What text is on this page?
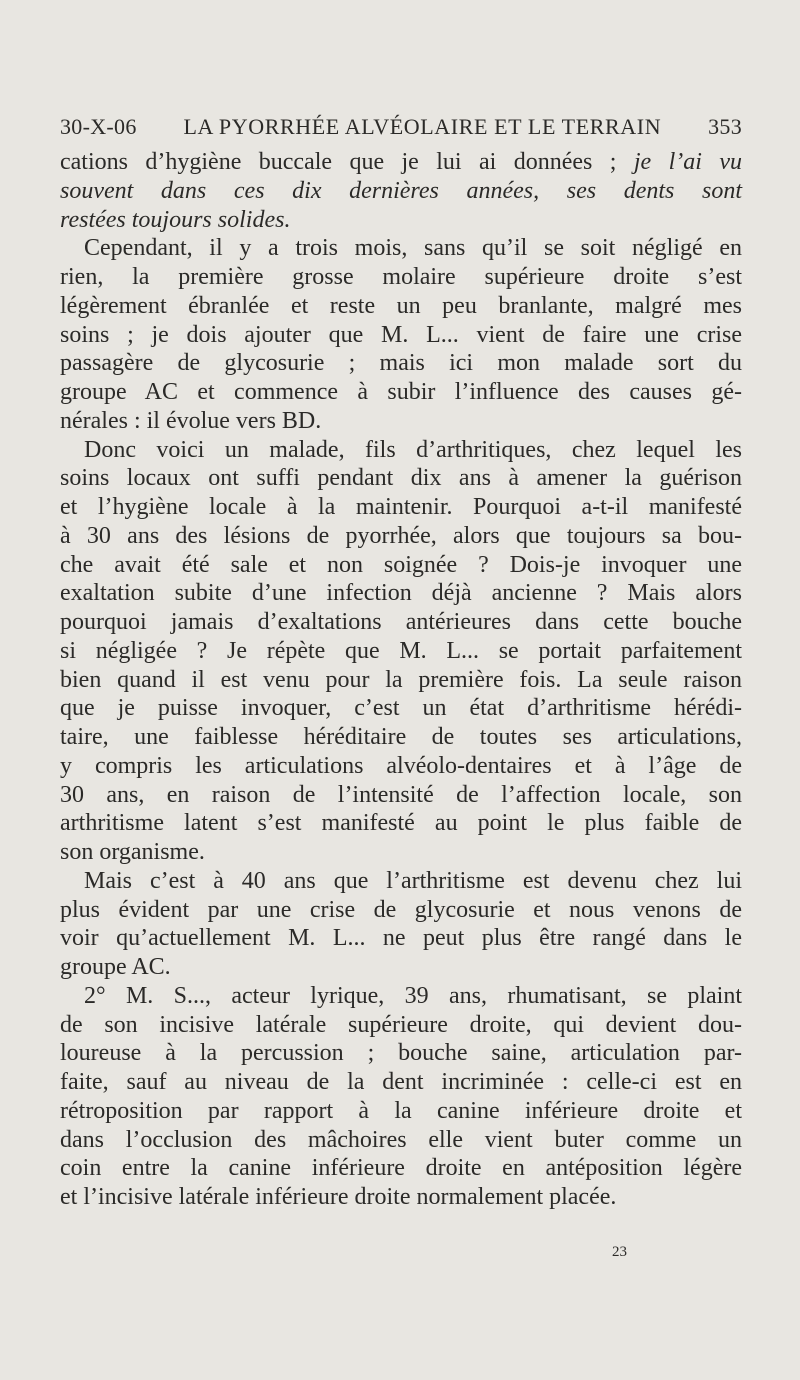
30-X-06 LA PYORRHÉE ALVÉOLAIRE ET LE TERRAIN 353
cations d’hygiène buccale que je lui ai données ; je l’ai vu
souvent dans ces dix dernières années, ses dents sont
restées toujours solides.
Cependant, il y a trois mois, sans qu’il se soit négligé en
rien, la première grosse molaire supérieure droite s’est
légèrement ébranlée et reste un peu branlante, malgré mes
soins ; je dois ajouter que M. L... vient de faire une crise
passagère de glycosurie ; mais ici mon malade sort du
groupe AC et commence à subir l’influence des causes gé-
nérales : il évolue vers BD.
Donc voici un malade, fils d’arthritiques, chez lequel les
soins locaux ont suffi pendant dix ans à amener la guérison
et l’hygiène locale à la maintenir. Pourquoi a-t-il manifesté
à 30 ans des lésions de pyorrhée, alors que toujours sa bou-
che avait été sale et non soignée ? Dois-je invoquer une
exaltation subite d’une infection déjà ancienne ? Mais alors
pourquoi jamais d’exaltations antérieures dans cette bouche
si négligée ? Je répète que M. L... se portait parfaitement
bien quand il est venu pour la première fois. La seule raison
que je puisse invoquer, c’est un état d’arthritisme hérédi-
taire, une faiblesse héréditaire de toutes ses articulations,
y compris les articulations alvéolo-dentaires et à l’âge de
30 ans, en raison de l’intensité de l’affection locale, son
arthritisme latent s’est manifesté au point le plus faible de
son organisme.
Mais c’est à 40 ans que l’arthritisme est devenu chez lui
plus évident par une crise de glycosurie et nous venons de
voir qu’actuellement M. L... ne peut plus être rangé dans le
groupe AC.
2° M. S..., acteur lyrique, 39 ans, rhumatisant, se plaint
de son incisive latérale supérieure droite, qui devient dou-
loureuse à la percussion ; bouche saine, articulation par-
faite, sauf au niveau de la dent incriminée : celle-ci est en
rétroposition par rapport à la canine inférieure droite et
dans l’occlusion des mâchoires elle vient buter comme un
coin entre la canine inférieure droite en antéposition légère
et l’incisive latérale inférieure droite normalement placée.
23
